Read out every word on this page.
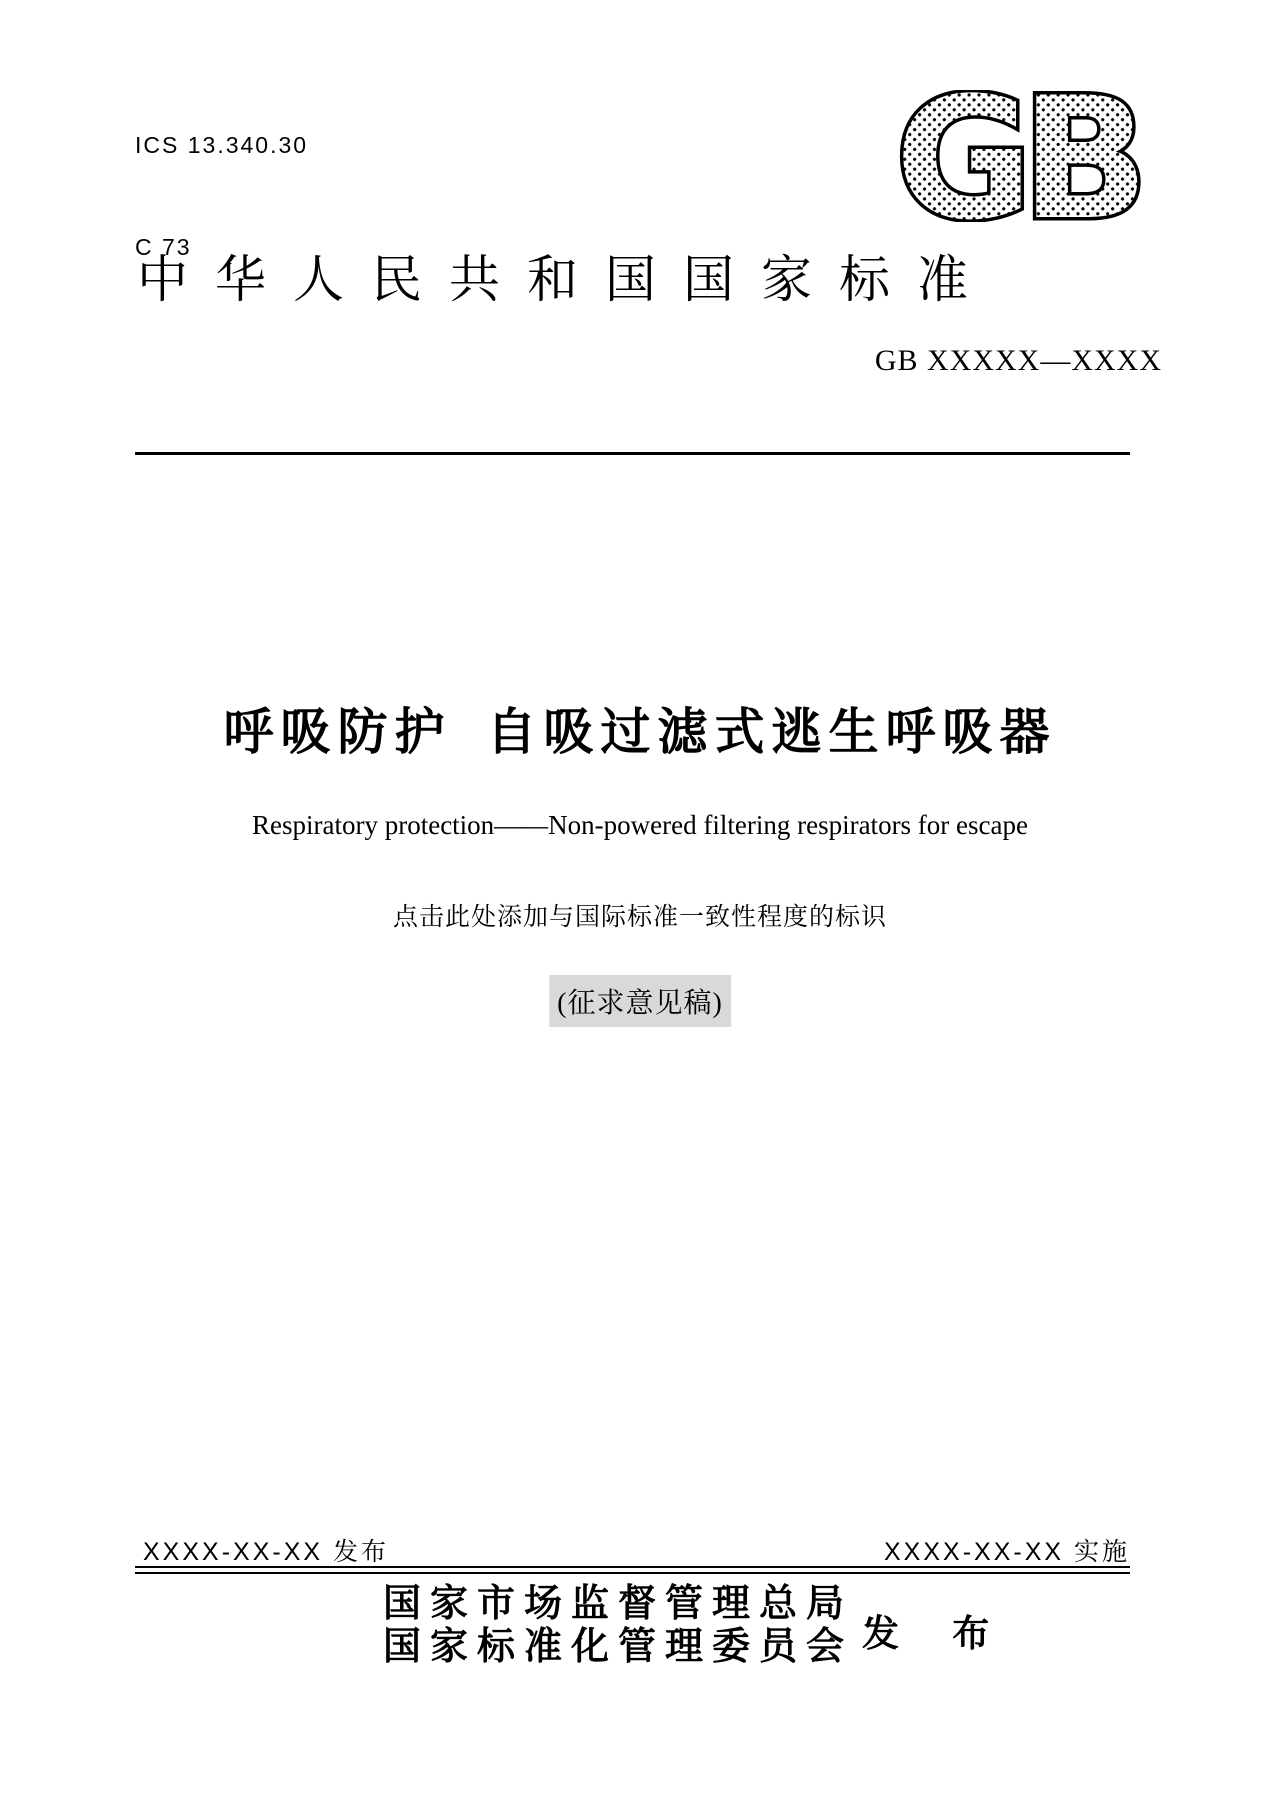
ICS 13.340.30

C 73

	GB
中华人民共和国国家标准
GB XXXXX—XXXX
呼吸防护 自吸过滤式逃生呼吸器
Respiratory protection——Non-powered filtering respirators for escape
点击此处添加与国际标准一致性程度的标识
(征求意见稿)
XXXX-XX-XX 发布	XXXX-XX-XX 实施
国家市场监督管理总局
国家标准化管理委员会 发 布
